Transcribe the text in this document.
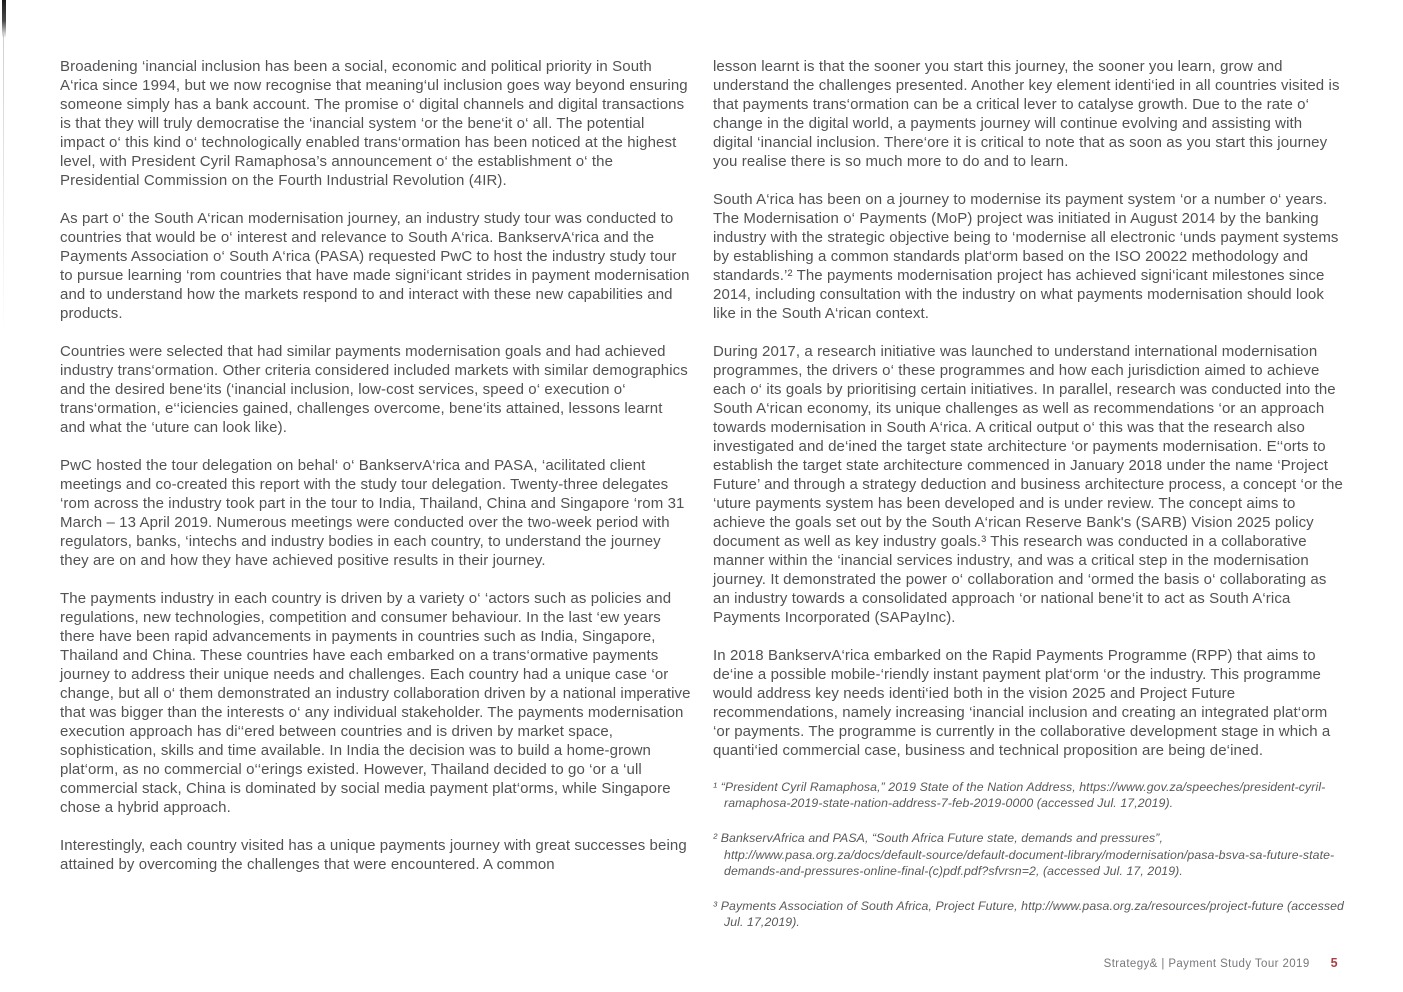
Broadening ‘inancial inclusion has been a social, economic and political priority in South A‘rica since 1994, but we now recognise that meaning‘ul inclusion goes way beyond ensuring someone simply has a bank account. The promise o‘ digital channels and digital transactions is that they will truly democratise the ‘inancial system ‘or the bene‘it o‘ all. The potential impact o‘ this kind o‘ technologically enabled trans‘ormation has been noticed at the highest level, with President Cyril Ramaphosa’s announcement o‘ the establishment o‘ the Presidential Commission on the Fourth Industrial Revolution (4IR).

As part o‘ the South A‘rican modernisation journey, an industry study tour was conducted to countries that would be o‘ interest and relevance to South A‘rica. BankservA‘rica and the Payments Association o‘ South A‘rica (PASA) requested PwC to host the industry study tour to pursue learning ‘rom countries that have made signi‘icant strides in payment modernisation and to understand how the markets respond to and interact with these new capabilities and products.

Countries were selected that had similar payments modernisation goals and had achieved industry trans‘ormation. Other criteria considered included markets with similar demographics and the desired bene‘its (‘inancial inclusion, low-cost services, speed o‘ execution o‘ trans‘ormation, e‘‘iciencies gained, challenges overcome, bene‘its attained, lessons learnt and what the ‘uture can look like).

PwC hosted the tour delegation on behal‘ o‘ BankservA‘rica and PASA, ‘acilitated client meetings and co-created this report with the study tour delegation. Twenty-three delegates ‘rom across the industry took part in the tour to India, Thailand, China and Singapore ‘rom 31 March – 13 April 2019. Numerous meetings were conducted over the two-week period with regulators, banks, ‘intechs and industry bodies in each country, to understand the journey they are on and how they have achieved positive results in their journey.

The payments industry in each country is driven by a variety o‘ ‘actors such as policies and regulations, new technologies, competition and consumer behaviour. In the last ‘ew years there have been rapid advancements in payments in countries such as India, Singapore, Thailand and China. These countries have each embarked on a trans‘ormative payments journey to address their unique needs and challenges. Each country had a unique case ‘or change, but all o‘ them demonstrated an industry collaboration driven by a national imperative that was bigger than the interests o‘ any individual stakeholder. The payments modernisation execution approach has di‘‘ered between countries and is driven by market space, sophistication, skills and time available. In India the decision was to build a home-grown plat‘orm, as no commercial o‘‘erings existed. However, Thailand decided to go ‘or a ‘ull commercial stack, China is dominated by social media payment plat‘orms, while Singapore chose a hybrid approach.

Interestingly, each country visited has a unique payments journey with great successes being attained by overcoming the challenges that were encountered. A common

lesson learnt is that the sooner you start this journey, the sooner you learn, grow and understand the challenges presented. Another key element identi‘ied in all countries visited is that payments trans‘ormation can be a critical lever to catalyse growth. Due to the rate o‘ change in the digital world, a payments journey will continue evolving and assisting with digital ‘inancial inclusion. There‘ore it is critical to note that as soon as you start this journey you realise there is so much more to do and to learn.

South A‘rica has been on a journey to modernise its payment system ‘or a number o‘ years. The Modernisation o‘ Payments (MoP) project was initiated in August 2014 by the banking industry with the strategic objective being to ‘modernise all electronic ‘unds payment systems by establishing a common standards plat‘orm based on the ISO 20022 methodology and standards.’² The payments modernisation project has achieved signi‘icant milestones since 2014, including consultation with the industry on what payments modernisation should look like in the South A‘rican context.

During 2017, a research initiative was launched to understand international modernisation programmes, the drivers o‘ these programmes and how each jurisdiction aimed to achieve each o‘ its goals by prioritising certain initiatives. In parallel, research was conducted into the South A‘rican economy, its unique challenges as well as recommendations ‘or an approach towards modernisation in South A‘rica. A critical output o‘ this was that the research also investigated and de‘ined the target state architecture ‘or payments modernisation. E‘‘orts to establish the target state architecture commenced in January 2018 under the name ‘Project Future’ and through a strategy deduction and business architecture process, a concept ‘or the ‘uture payments system has been developed and is under review. The concept aims to achieve the goals set out by the South A‘rican Reserve Bank's (SARB) Vision 2025 policy document as well as key industry goals.³ This research was conducted in a collaborative manner within the ‘inancial services industry, and was a critical step in the modernisation journey. It demonstrated the power o‘ collaboration and ‘ormed the basis o‘ collaborating as an industry towards a consolidated approach ‘or national bene‘it to act as South A‘rica Payments Incorporated (SAPayInc).

In 2018 BankservA‘rica embarked on the Rapid Payments Programme (RPP) that aims to de‘ine a possible mobile-‘riendly instant payment plat‘orm ‘or the industry. This programme would address key needs identi‘ied both in the vision 2025 and Project Future recommendations, namely increasing ‘inancial inclusion and creating an integrated plat‘orm ‘or payments. The programme is currently in the collaborative development stage in which a quanti‘ied commercial case, business and technical proposition are being de‘ined.

¹ “President Cyril Ramaphosa,” 2019 State of the Nation Address, https://www.gov.za/speeches/president-cyril-ramaphosa-2019-state-nation-address-7-feb-2019-0000 (accessed Jul. 17,2019).

² BankservAfrica and PASA, “South Africa Future state, demands and pressures”, http://www.pasa.org.za/docs/default-source/default-document-library/modernisation/pasa-bsva-sa-future-state-demands-and-pressures-online-final-(c)pdf.pdf?sfvrsn=2, (accessed Jul. 17, 2019).

³ Payments Association of South Africa, Project Future, http://www.pasa.org.za/resources/project-future (accessed Jul. 17,2019).

Strategy& | Payment Study Tour 2019 5
